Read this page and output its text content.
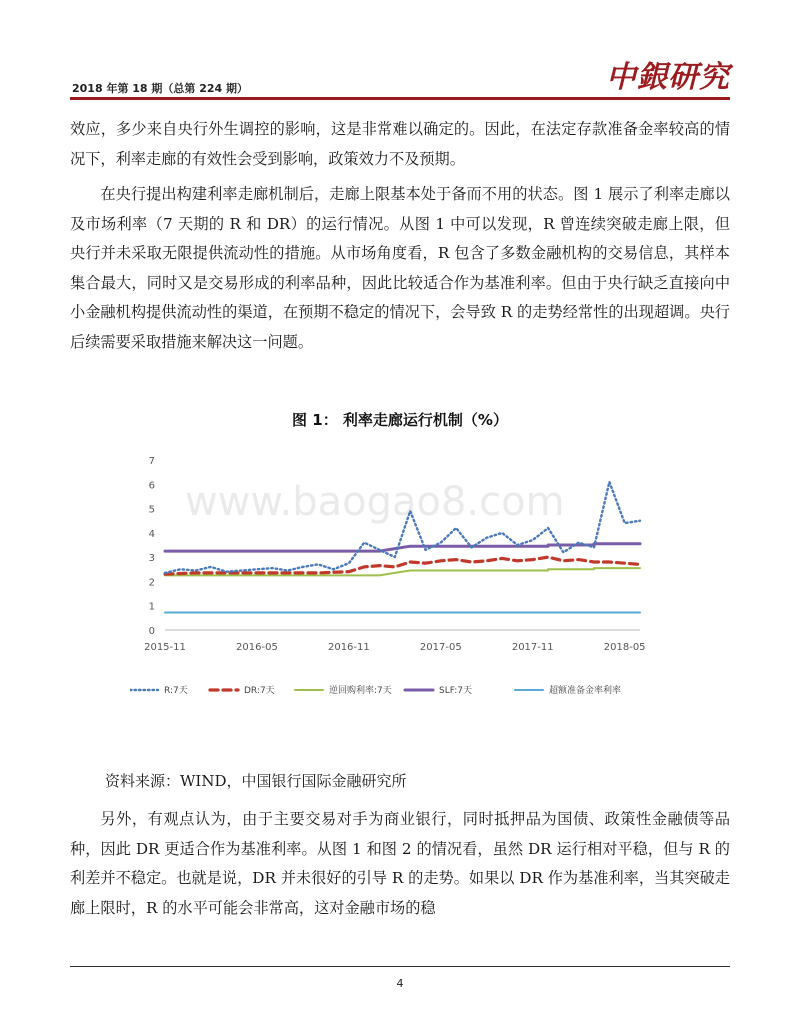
2018 年第 18 期（总第 224 期）	中銀研究

效应，多少来自央行外生调控的影响，这是非常难以确定的。因此，在法定存款准备金率较高的情况下，利率走廊的有效性会受到影响，政策效力不及预期。

在央行提出构建利率走廊机制后，走廊上限基本处于备而不用的状态。图 1 展示了利率走廊以及市场利率（7 天期的 R 和 DR）的运行情况。从图 1 中可以发现，R 曾连续突破走廊上限，但央行并未采取无限提供流动性的措施。从市场角度看，R 包含了多数金融机构的交易信息，其样本集合最大，同时又是交易形成的利率品种，因此比较适合作为基准利率。但由于央行缺乏直接向中小金融机构提供流动性的渠道，在预期不稳定的情况下，会导致 R 的走势经常性的出现超调。央行后续需要采取措施来解决这一问题。

图 1： 利率走廊运行机制（%）
www.baogao8.com
0
1
2
3
4
5
6
7
2015-11	2016-05	2016-11	2017-05	2017-11	2018-05
R:7天	DR:7天	逆回购利率:7天	SLF:7天	超额准备金率利率
资料来源：WIND，中国银行国际金融研究所

另外，有观点认为，由于主要交易对手为商业银行，同时抵押品为国债、政策性金融债等品种，因此 DR 更适合作为基准利率。从图 1 和图 2 的情况看，虽然 DR 运行相对平稳，但与 R 的利差并不稳定。也就是说，DR 并未很好的引导 R 的走势。如果以 DR 作为基准利率，当其突破走廊上限时，R 的水平可能会非常高，这对金融市场的稳

4
